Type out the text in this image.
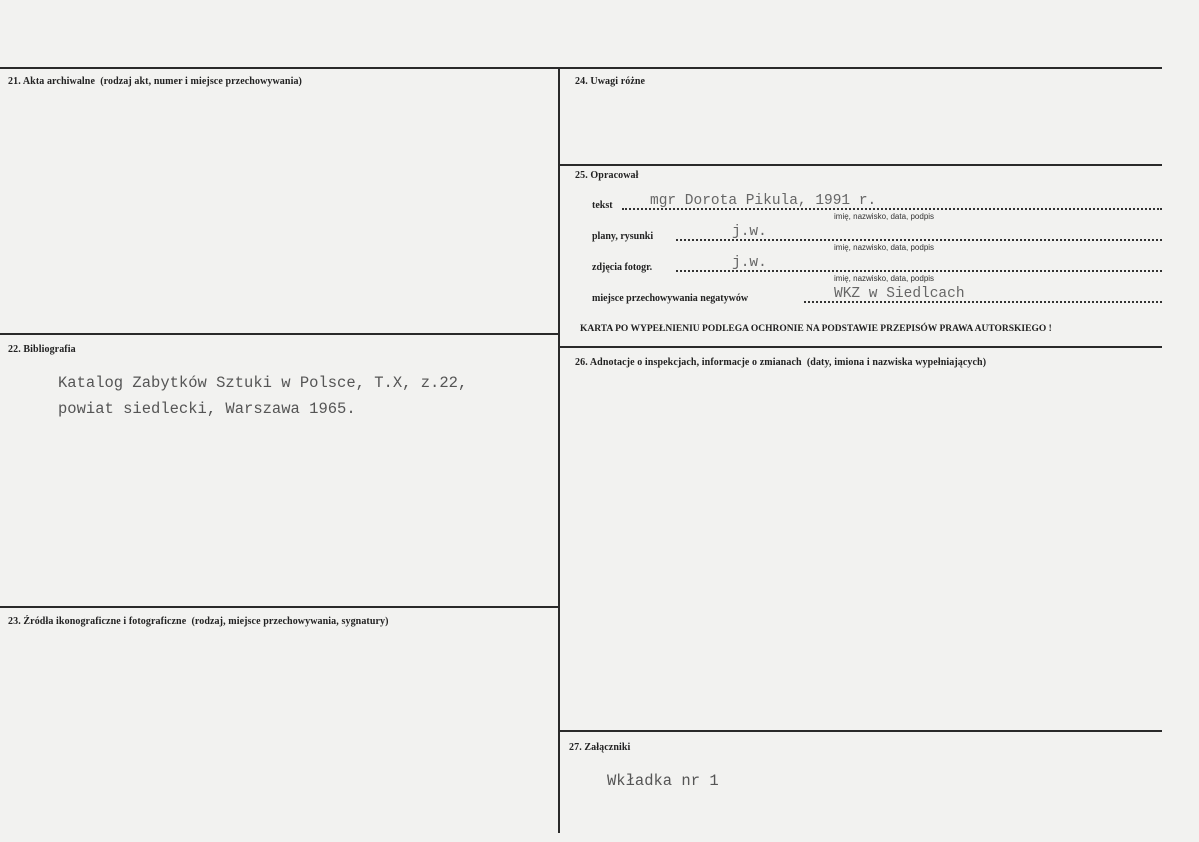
21. Akta archiwalne (rodzaj akt, numer i miejsce przechowywania)
22. Bibliografia
Katalog Zabytków Sztuki w Polsce, T.X, z.22,
powiat siedlecki, Warszawa 1965.
23. Źródła ikonograficzne i fotograficzne (rodzaj, miejsce przechowywania, sygnatury)
24. Uwagi różne
25. Opracował
tekst	mgr Dorota Pikula, 1991 r.
imię, nazwisko, data, podpis
plany, rysunki	j.w.
imię, nazwisko, data, podpis
zdjęcia fotogr.	j.w.
imię, nazwisko, data, podpis
miejsce przechowywania negatywów	WKZ w Siedlcach
KARTA PO WYPEŁNIENIU PODLEGA OCHRONIE NA PODSTAWIE PRZEPISÓW PRAWA AUTORSKIEGO !
26. Adnotacje o inspekcjach, informacje o zmianach (daty, imiona i nazwiska wypełniających)
27. Załączniki
Wkładka nr 1
